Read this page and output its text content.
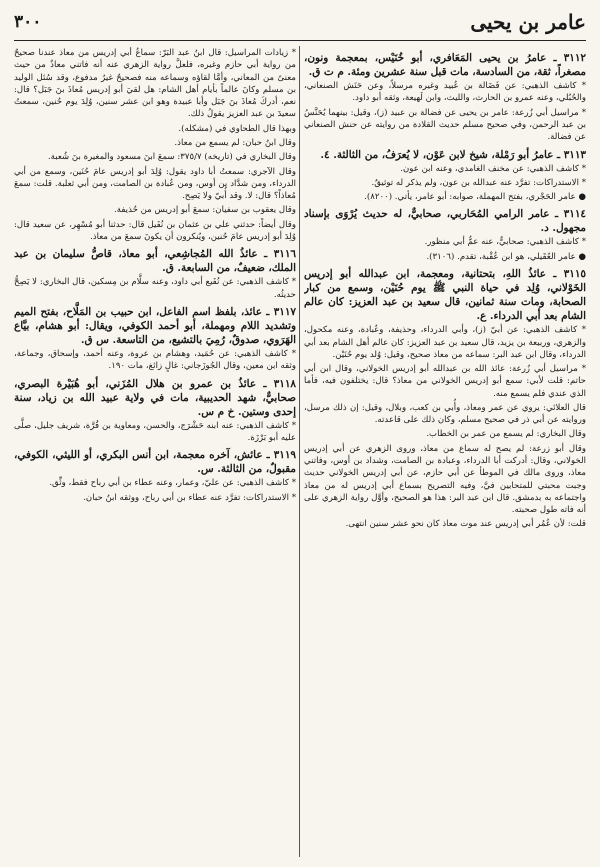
عامر بن يحيى
٣٠٠

٣١١٢ ـ عامرُ بن يحيى المَعَافري، أبو خُنَيْس، بمعجمة ونون، مصغراً، ثقة، من السادسة، مات قبل سنة عشرين ومئة. م ت ق.

* كاشف الذهبي: عن فَضَالة بن عُبيد وغيره مرسلاً، وعن حَنَش الصنعاني، والحُبُلي، وعنه عمرو بن الحارث، والليث، وابن لَهيعة، وثقه أبو داود.

* مراسيل أبي زُرعة: عامر بن يحيى عن فضالة بن عبيد (ز)، وقيل: بينهما يُحَنَّسُ بن عبد الرحمن، وفي صحيح مسلم حديث القلادة من روايته عن حنش الصنعاني عن فضالة.

٣١١٣ ـ عامرُ أبو رَمْلة، شيخ لابن عَوْن، لا يُعرَفُ، من الثالثة. ٤.

* كاشف الذهبي: عن مخنف الغامدي، وعنه ابن عون.

* الاستدراكات: تفرَّد عنه عبدالله بن عون، ولم يذكر له توثيقٌ.

● عامر الحَجْري، بفتح المهملة، صوابه: أبو عامر، يأتي. (٨٢٠٠).

٣١١٤ ـ عامر الرامي المُحَاربي، صحابيٌّ، له حديث يُرْوَى بإسناد مجهول. د.

* كاشف الذهبي: صحابيٌّ، عنه عمُّ أبي منظور.

● عامر العُقَيلي، هو ابن عُقْبة، تقدم. (٣١٠٦).

٣١١٥ ـ عائذُ اللهِ، بتحتانية، ومعجمة، ابن عبدالله أبو إدريس الخَوْلاني، وُلِد في حياة النبي ﷺ يوم حُنَيْن، وسمع من كبار الصحابة، ومات سنة ثمانين، قال سعيد بن عبد العزيز: كان عالم الشام بعد أبي الدرداء. ع.

* كاشف الذهبي: عن أبيّ (ز)، وأبي الدرداء، وحذيفة، وعُبادة، وعنه مكحول، والزهري، وربيعة بن يزيد، قال سعيد بن عبد العزيز: كان عالم أهل الشام بعد أبي الدرداء، وقال ابن عبد البر: سماعه من معاذ صحيح، وقيل: وُلد يوم حُنَيْن.

* مراسيل أبي زُرعة: عائذ الله بن عبدالله أبو إدريس الخولاني، وقال ابن أبي حاتم: قلت لأبي: سمع أبو إدريس الخولاني من معاذ؟ قال: يختلفون فيه، فأما الذي عندي فلم يسمع منه.

قال العلائي: يروي عن عمر ومعاذ، وأُبي بن كعب، وبلال، وقيل: إن ذلك مرسل، وروايته عن أبي ذر في صحيح مسلم، وكان ذلك على قاعدته.

وقال البخاري: لم يسمع من عمر بن الخطاب.

وقال أبو زرعة: لم يصح له سماع من معاذ، وروى الزهري عن أبي إدريس الخولاني، وقال: أدركت أبا الدرداء، وعبادة بن الصامت، وشداد بن أوس، وفاتني معاذ، وروى مالك في الموطأ عن أبي حازم، عن أبي إدريس الخولاني حديث وجبت محبتي للمتحابين فيَّ، وفيه التصريح بسماع أبي إدريس له من معاذ واجتماعه به بدمشق. قال ابن عبد البر: هذا هو الصحيح، وأوَّل رواية الزهري على أنه فاته طول صحبته.

قلت: لأن عُمُر أبي إدريس عند موت معاذ كان نحو عشر سنين انتهى.

* زيادات المراسيل: قال ابنُ عبد البَرّ: سماعُ أبي إدريس من معاذ عندنا صحيحٌ من رواية أبي حازم وغيره، فلعلَّ رواية الزهري عنه أنه فاتني معاذٌ من حيث معنىً من المعاني، وأمَّا لقاؤه وسماعه منه فصحيحٌ غيرُ مدفوع، وقد سُئل الوليد بن مسلم وكانَ عالماً بأيام أهل الشام: هل لقيَ أبو إدريس مُعاذَ بنَ جَبَل؟ قال: نعم، أدركَ مُعاذَ بنَ جَبَل وأبا عبيدة وهو ابن عشر سنين، وُلِدَ يوم حُنين، سمعتُ سعيدَ بن عبد العزيز يقولُ ذلك.

وبهذا قال الطحاوي في (مشكله).

وقال ابنُ حبان: لم يسمع من معاذ.

وقال البخاري في (تاريخه) ٣٧٥/٧: سمعَ ابنَ مسعود والمغيرة بنَ شُعبة.

وقال الآجري: سمعتُ أبا داود يقول: وُلِدَ أبو إدريس عامَ حُنَين، وسمع من أبي الدرداء، ومن شدَّاد بن أوس، ومن عُبادة بن الصامت، ومن أبي ثعلبة. قلت: سمعَ مُعاذاً؟ قال: لا. وقد أُبيّ ولا يَصِح.

وقال يعقوب بن سفيان: سمعَ أبو إدريس من حُذيفة.

وقال أيضاً: حدثني علي بن عثمان بن نُفَيل قال: حدثنا أبو مُسْهِر، عن سعيد قال: وُلِدَ أبو إدريس عامَ حُنين، ويُنكرون أن يكونَ سمعَ من معاذ.

٣١١٦ ـ عائذُ الله المُجاشِعي، أبو معاذ، قاصُّ سليمان بن عبد الملك، ضعيفٌ، من السابعة. ق.

* كاشف الذهبي: عن نُفَيع أبي داود، وعنه سلَّام بن مِسكين، قال البخاري: لا يَصِحُّ حديثُه.

٣١١٧ ـ عائذ، بلفظ اسم الفاعل، ابن حبيب بن المَلَّاح، بفتح الميم وتشديد اللام ومهملة، أبو أحمد الكوفي، ويقال: أبو هشام، بيَّاع الهَرَوي، صدوقٌ، رُمِيَ بالتشيع، من التاسعة. س ق.

* كاشف الذهبي: عن حُمَيد، وهشام بن عروة، وعنه أحمد، وإسحاق، وجماعة، وثقه ابن معين، وقال الجُوزَجاني: غالٍ زائغ، مات ١٩٠.

٣١١٨ ـ عائذُ بن عمرو بن هلال المُزَني، أبو هُبَيْرة البصري، صحابيٌّ، شهد الحديبية، مات في ولاية عبيد الله بن زياد، سنة إحدى وستين. خ م س.

* كاشف الذهبي: عنه ابنه حَشْرَج، والحسن، ومعاوية بن قُرَّة، شريف جليل، صلَّى عليه أبو بَرْزَة.

٣١١٩ ـ عائش، آخره معجمة، ابن أنس البكري، أو الليثي، الكوفي، مقبولٌ، من الثالثة. س.

* كاشف الذهبي: عن عليّ، وعمار، وعنه عطاء بن أبي رباح فقط، وثِّق.

* الاستدراكات: تفرَّد عنه عطاء بن أبي رباح، ووثقه ابنُ حبان.
